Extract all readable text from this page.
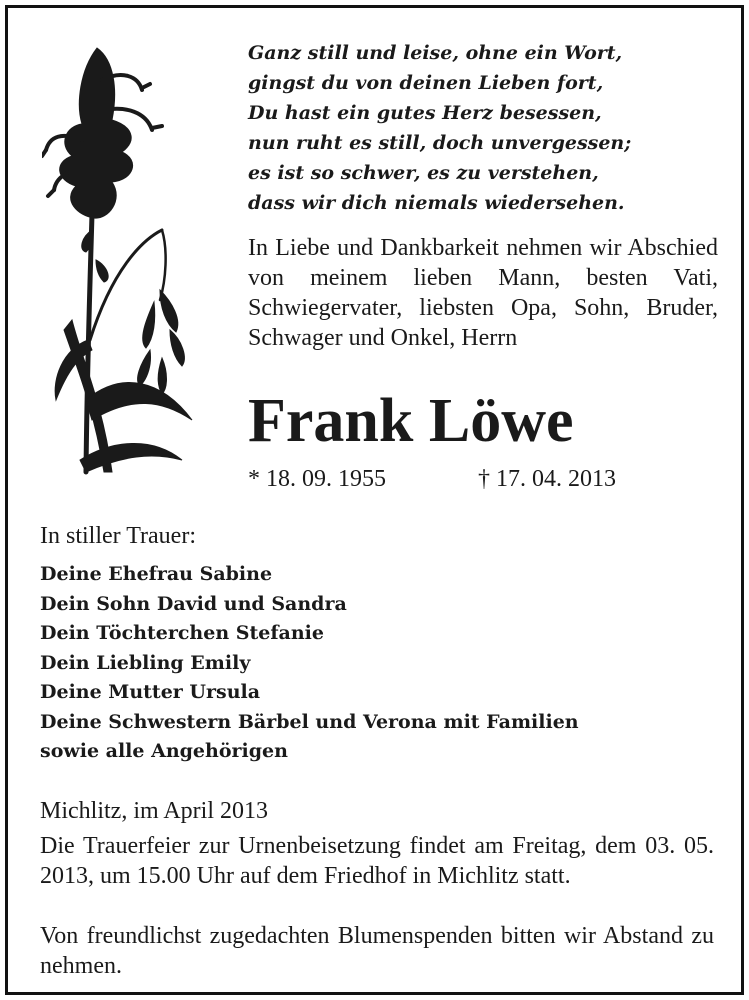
Ganz still und leise, ohne ein Wort,
gingst du von deinen Lieben fort,
Du hast ein gutes Herz besessen,
nun ruht es still, doch unvergessen;
es ist so schwer, es zu verstehen,
dass wir dich niemals wiedersehen.
In Liebe und Dankbarkeit nehmen wir Abschied von meinem lieben Mann, besten Vati, Schwiegervater, liebsten Opa, Sohn, Bruder, Schwager und Onkel, Herrn
Frank Löwe
* 18. 09. 1955	† 17. 04. 2013
In stiller Trauer:
Deine Ehefrau Sabine
Dein Sohn David und Sandra
Dein Töchterchen Stefanie
Dein Liebling Emily
Deine Mutter Ursula
Deine Schwestern Bärbel und Verona mit Familien
sowie alle Angehörigen
Michlitz, im April 2013
Die Trauerfeier zur Urnenbeisetzung findet am Freitag, dem 03. 05. 2013, um 15.00 Uhr auf dem Friedhof in Michlitz statt.
Von freundlichst zugedachten Blumenspenden bitten wir Abstand zu nehmen.
